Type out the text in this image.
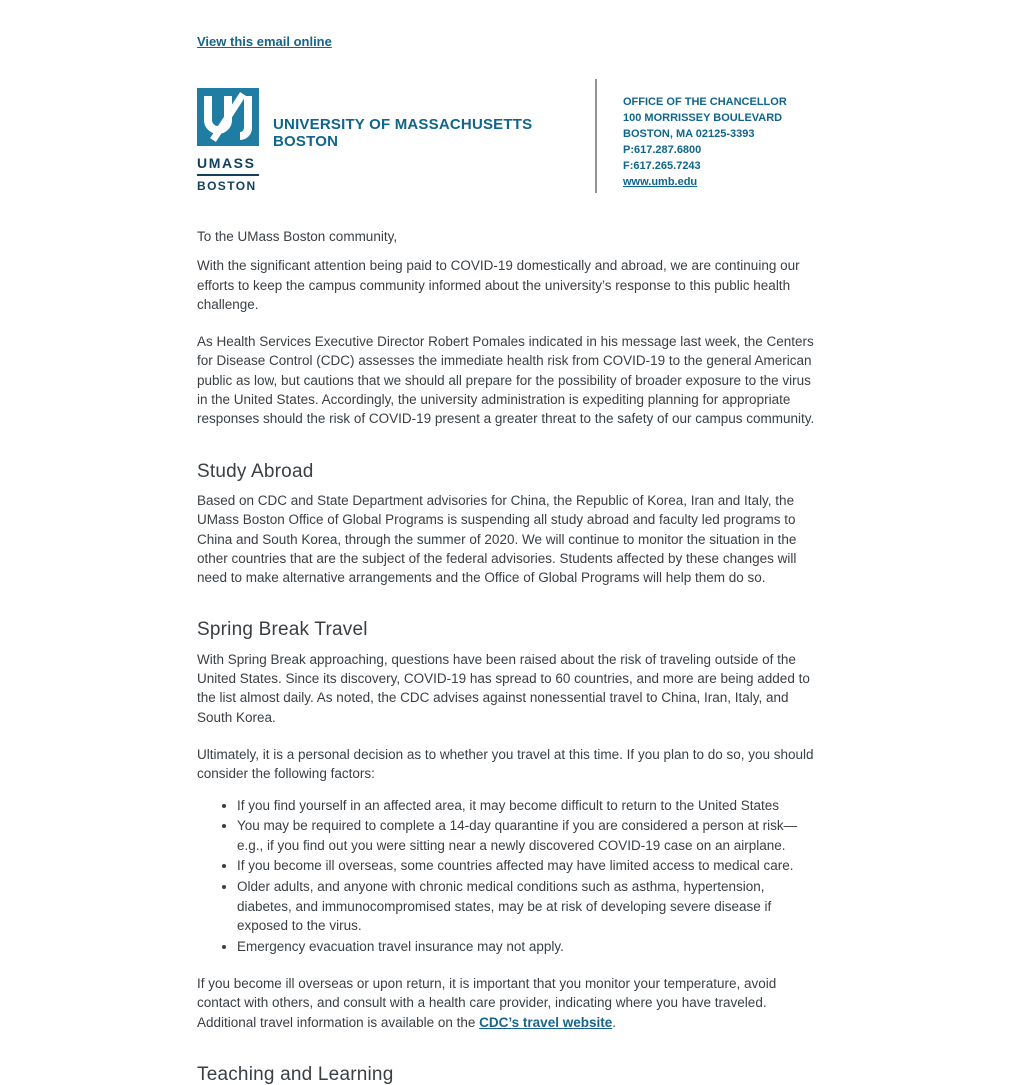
View this email online
UMASS
BOSTON
UNIVERSITY OF MASSACHUSETTS BOSTON
OFFICE OF THE CHANCELLOR
100 MORRISSEY BOULEVARD
BOSTON, MA 02125-3393
P:617.287.6800
F:617.265.7243
www.umb.edu

To the UMass Boston community,

With the significant attention being paid to COVID-19 domestically and abroad, we are continuing our efforts to keep the campus community informed about the university’s response to this public health challenge.

As Health Services Executive Director Robert Pomales indicated in his message last week, the Centers for Disease Control (CDC) assesses the immediate health risk from COVID-19 to the general American public as low, but cautions that we should all prepare for the possibility of broader exposure to the virus in the United States. Accordingly, the university administration is expediting planning for appropriate responses should the risk of COVID-19 present a greater threat to the safety of our campus community.

Study Abroad

Based on CDC and State Department advisories for China, the Republic of Korea, Iran and Italy, the UMass Boston Office of Global Programs is suspending all study abroad and faculty led programs to China and South Korea, through the summer of 2020. We will continue to monitor the situation in the other countries that are the subject of the federal advisories. Students affected by these changes will need to make alternative arrangements and the Office of Global Programs will help them do so.

Spring Break Travel

With Spring Break approaching, questions have been raised about the risk of traveling outside of the United States. Since its discovery, COVID-19 has spread to 60 countries, and more are being added to the list almost daily. As noted, the CDC advises against nonessential travel to China, Iran, Italy, and South Korea.

Ultimately, it is a personal decision as to whether you travel at this time. If you plan to do so, you should consider the following factors:

• If you find yourself in an affected area, it may become difficult to return to the United States
• You may be required to complete a 14-day quarantine if you are considered a person at risk—e.g., if you find out you were sitting near a newly discovered COVID-19 case on an airplane.
• If you become ill overseas, some countries affected may have limited access to medical care.
• Older adults, and anyone with chronic medical conditions such as asthma, hypertension, diabetes, and immunocompromised states, may be at risk of developing severe disease if exposed to the virus.
• Emergency evacuation travel insurance may not apply.

If you become ill overseas or upon return, it is important that you monitor your temperature, avoid contact with others, and consult with a health care provider, indicating where you have traveled. Additional travel information is available on the CDC’s travel website.

Teaching and Learning
